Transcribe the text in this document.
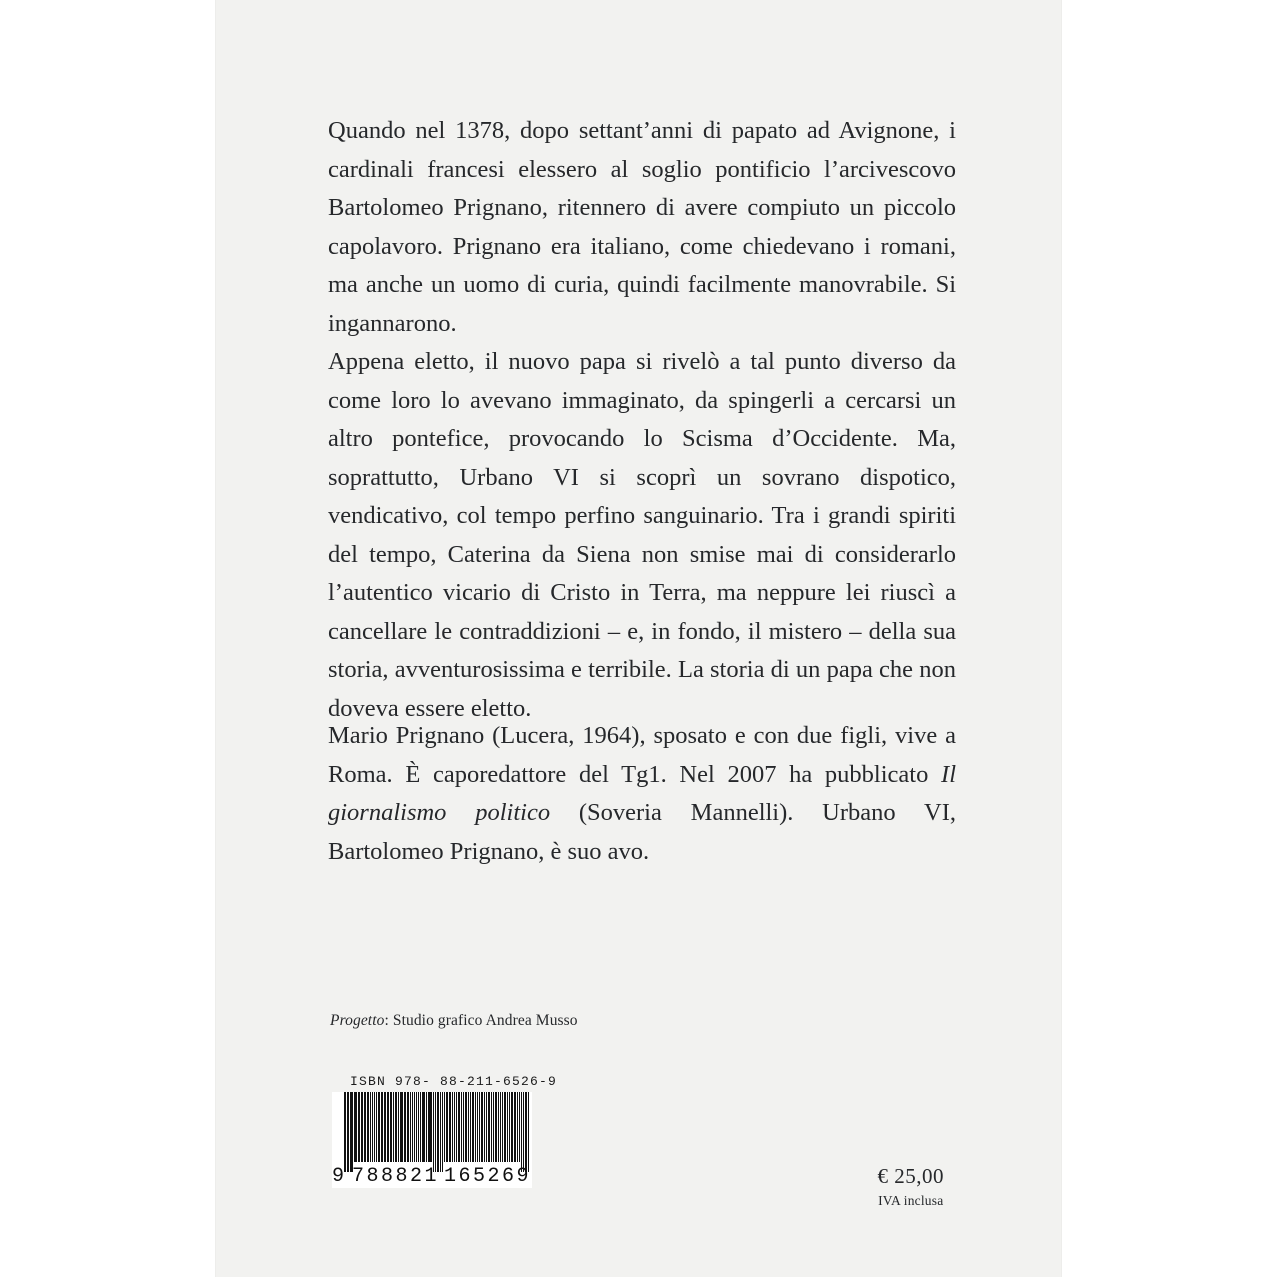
Quando nel 1378, dopo settant’anni di papato ad Avignone, i cardinali francesi elessero al soglio pontificio l’arcivescovo Bartolomeo Prignano, ritennero di avere compiuto un piccolo capolavoro. Prignano era italiano, come chiedevano i romani, ma anche un uomo di curia, quindi facilmente manovrabile. Si ingannarono.

Appena eletto, il nuovo papa si rivelò a tal punto diverso da come loro lo avevano immaginato, da spingerli a cercarsi un altro pontefice, provocando lo Scisma d’Occidente. Ma, soprattutto, Urbano VI si scoprì un sovrano dispotico, vendicativo, col tempo perfino sanguinario. Tra i grandi spiriti del tempo, Caterina da Siena non smise mai di considerarlo l’autentico vicario di Cristo in Terra, ma neppure lei riuscì a cancellare le contraddizioni – e, in fondo, il mistero – della sua storia, avventurosissima e terribile. La storia di un papa che non doveva essere eletto.

Mario Prignano (Lucera, 1964), sposato e con due figli, vive a Roma. È caporedattore del Tg1. Nel 2007 ha pubblicato Il giornalismo politico (Soveria Mannelli). Urbano VI, Bartolomeo Prignano, è suo avo.

Progetto: Studio grafico Andrea Musso
ISBN 978- 88-211-6526-9
9 788821 165269	€ 25,00
IVA inclusa
